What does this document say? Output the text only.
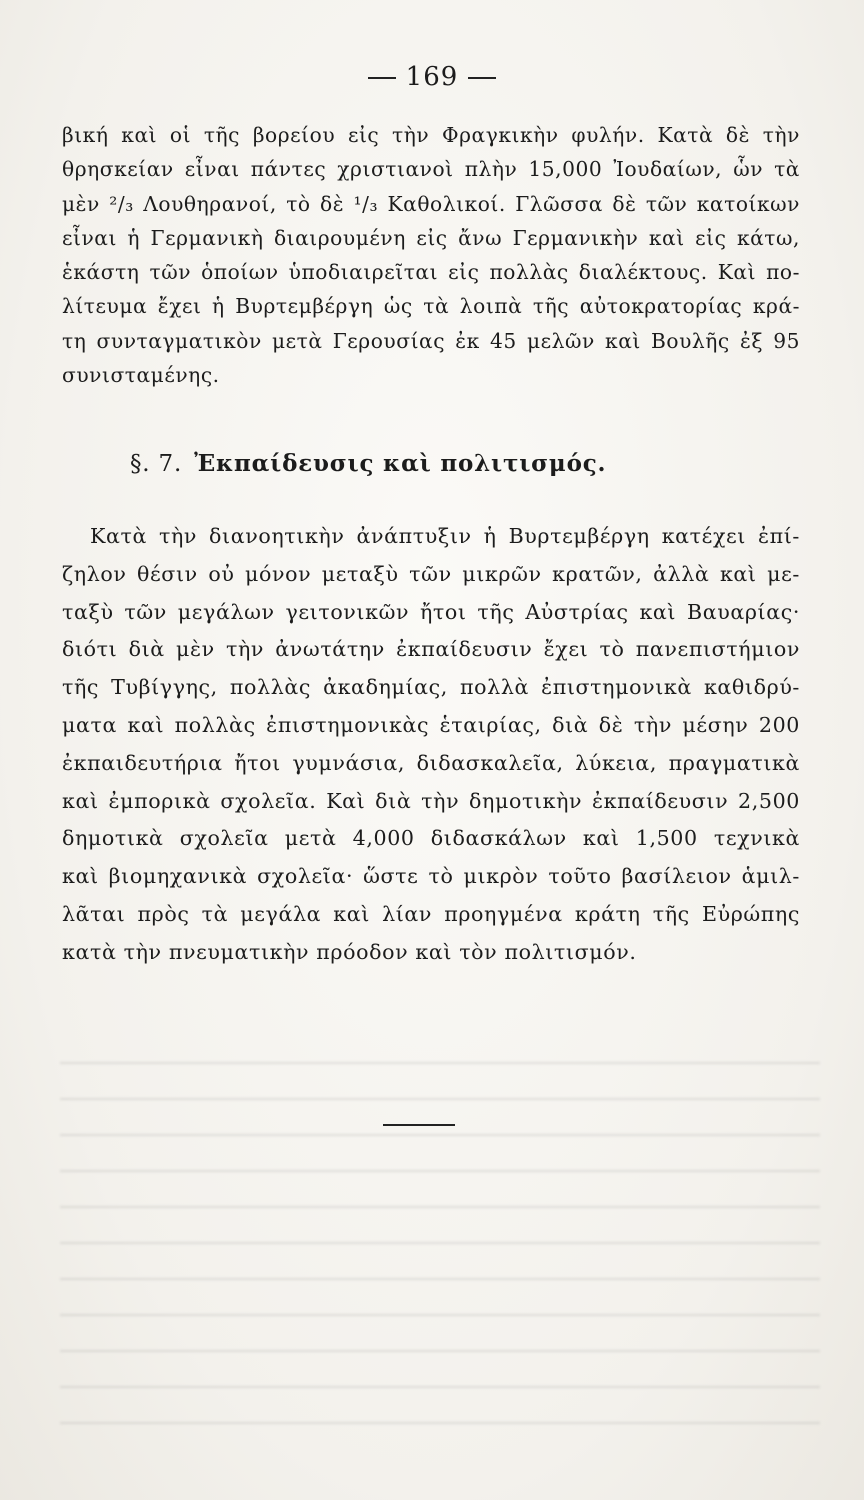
169
βική καὶ οἱ τῆς βορείου εἰς τὴν Φραγκικὴν φυλήν. Κατὰ δὲ τὴν
θρησκείαν εἶναι πάντες χριστιανοὶ πλὴν 15,000 Ἰουδαίων, ὧν τὰ
μὲν ²/₃ Λουθηρανοί, τὸ δὲ ¹/₃ Καθολικοί. Γλῶσσα δὲ τῶν κατοίκων
εἶναι ἡ Γερμανικὴ διαιρουμένη εἰς ἄνω Γερμανικὴν καὶ εἰς κάτω,
ἑκάστη τῶν ὁποίων ὑποδιαιρεῖται εἰς πολλὰς διαλέκτους. Καὶ πο-
λίτευμα ἔχει ἡ Βυρτεμβέργη ὡς τὰ λοιπὰ τῆς αὐτοκρατορίας κρά-
τη συνταγματικὸν μετὰ Γερουσίας ἐκ 45 μελῶν καὶ Βουλῆς ἐξ 95
συνισταμένης.
§. 7. Ἐκπαίδευσις καὶ πολιτισμός.
Κατὰ τὴν διανοητικὴν ἀνάπτυξιν ἡ Βυρτεμβέργη κατέχει ἐπί-
ζηλον θέσιν οὐ μόνον μεταξὺ τῶν μικρῶν κρατῶν, ἀλλὰ καὶ με-
ταξὺ τῶν μεγάλων γειτονικῶν ἤτοι τῆς Αὐστρίας καὶ Βαυαρίας·
διότι διὰ μὲν τὴν ἀνωτάτην ἐκπαίδευσιν ἔχει τὸ πανεπιστήμιον
τῆς Τυβίγγης, πολλὰς ἀκαδημίας, πολλὰ ἐπιστημονικὰ καθιδρύ-
ματα καὶ πολλὰς ἐπιστημονικὰς ἑταιρίας, διὰ δὲ τὴν μέσην 200
ἐκπαιδευτήρια ἤτοι γυμνάσια, διδασκαλεῖα, λύκεια, πραγματικὰ
καὶ ἐμπορικὰ σχολεῖα. Καὶ διὰ τὴν δημοτικὴν ἐκπαίδευσιν 2,500
δημοτικὰ σχολεῖα μετὰ 4,000 διδασκάλων καὶ 1,500 τεχνικὰ
καὶ βιομηχανικὰ σχολεῖα· ὥστε τὸ μικρὸν τοῦτο βασίλειον ἁμιλ-
λᾶται πρὸς τὰ μεγάλα καὶ λίαν προηγμένα κράτη τῆς Εὐρώπης
κατὰ τὴν πνευματικὴν πρόοδον καὶ τὸν πολιτισμόν.
